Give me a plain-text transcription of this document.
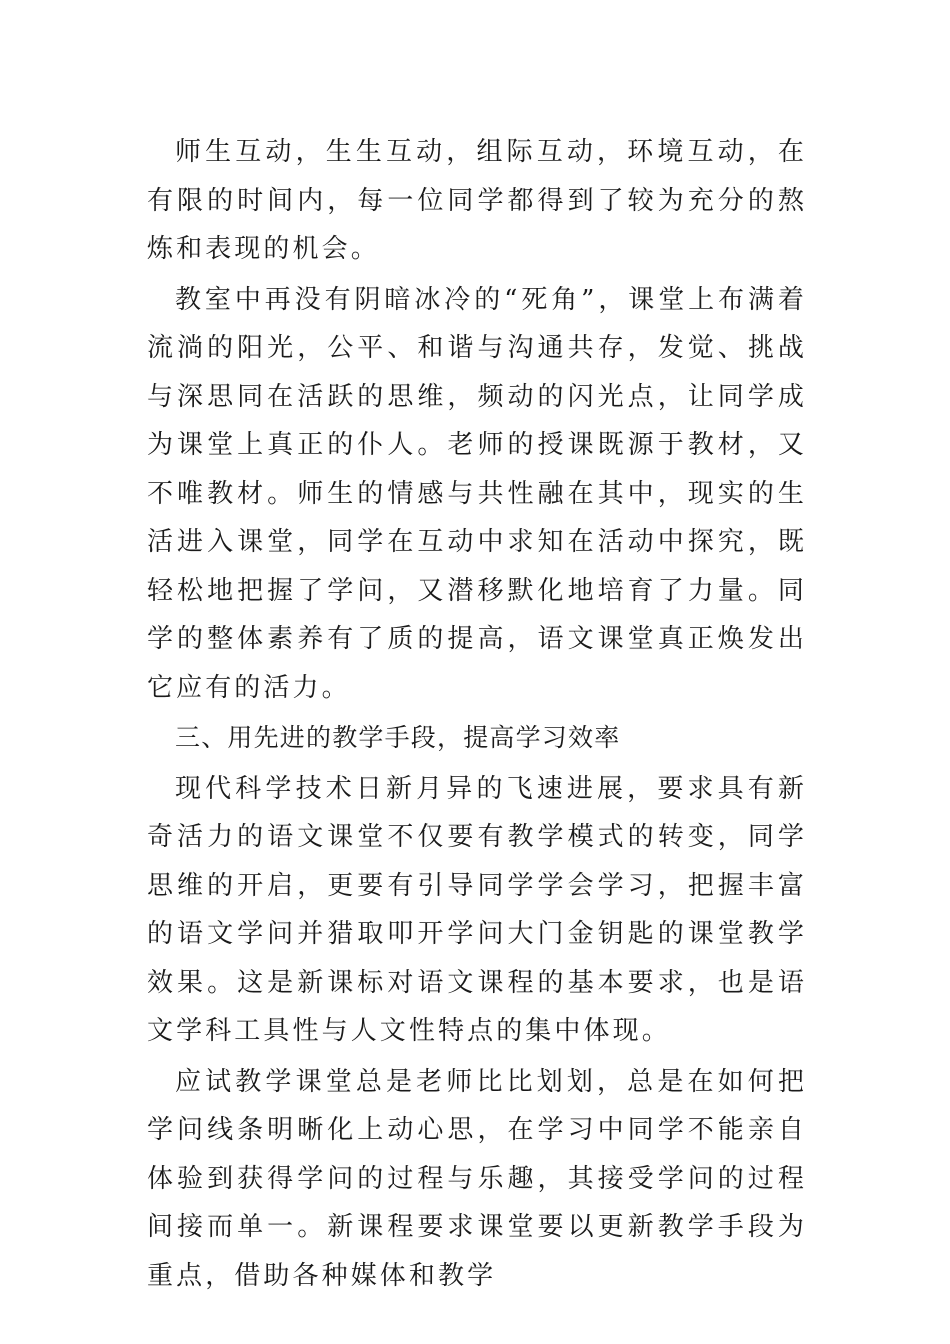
师生互动，生生互动，组际互动，环境互动，在有限的时间内，每一位同学都得到了较为充分的熬炼和表现的机会。

教室中再没有阴暗冰冷的“死角”，课堂上布满着流淌的阳光，公平、和谐与沟通共存，发觉、挑战与深思同在活跃的思维，频动的闪光点，让同学成为课堂上真正的仆人。老师的授课既源于教材，又不唯教材。师生的情感与共性融在其中，现实的生活进入课堂，同学在互动中求知在活动中探究，既轻松地把握了学问，又潜移默化地培育了力量。同学的整体素养有了质的提高，语文课堂真正焕发出它应有的活力。

三、用先进的教学手段，提高学习效率

现代科学技术日新月异的飞速进展，要求具有新奇活力的语文课堂不仅要有教学模式的转变，同学思维的开启，更要有引导同学学会学习，把握丰富的语文学问并猎取叩开学问大门金钥匙的课堂教学效果。这是新课标对语文课程的基本要求，也是语文学科工具性与人文性特点的集中体现。

应试教学课堂总是老师比比划划，总是在如何把学问线条明晰化上动心思，在学习中同学不能亲自体验到获得学问的过程与乐趣，其接受学问的过程间接而单一。新课程要求课堂要以更新教学手段为重点，借助各种媒体和教学
